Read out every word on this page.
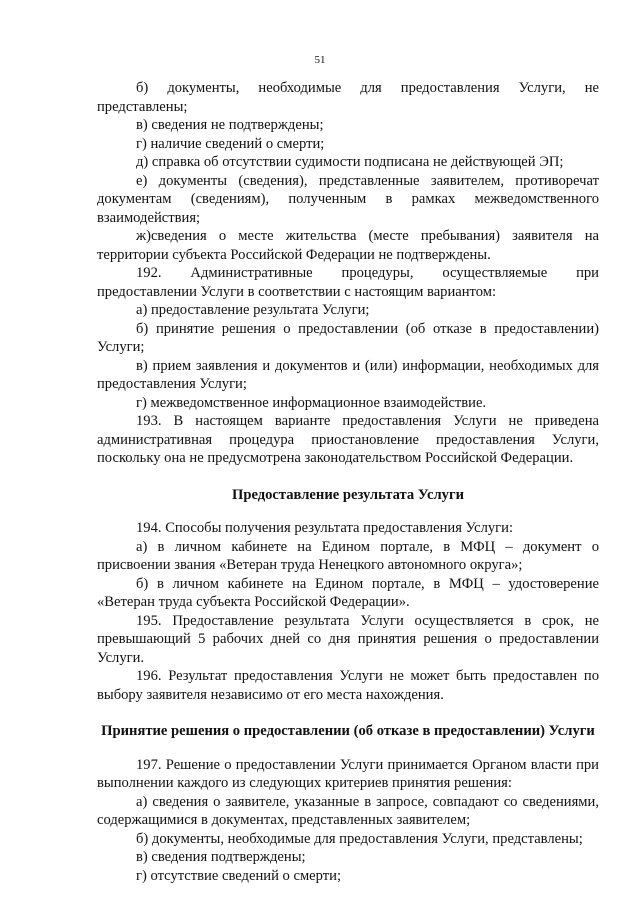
51

б) документы, необходимые для предоставления Услуги, не представлены;

в) сведения не подтверждены;

г) наличие сведений о смерти;

д) справка об отсутствии судимости подписана не действующей ЭП;

е) документы (сведения), представленные заявителем, противоречат документам (сведениям), полученным в рамках межведомственного взаимодействия;

ж)сведения о месте жительства (месте пребывания) заявителя на территории субъекта Российской Федерации не подтверждены.

192. Административные процедуры, осуществляемые при предоставлении Услуги в соответствии с настоящим вариантом:

а) предоставление результата Услуги;

б) принятие решения о предоставлении (об отказе в предоставлении) Услуги;

в) прием заявления и документов и (или) информации, необходимых для предоставления Услуги;

г) межведомственное информационное взаимодействие.

193. В настоящем варианте предоставления Услуги не приведена административная процедура приостановление предоставления Услуги, поскольку она не предусмотрена законодательством Российской Федерации.

Предоставление результата Услуги

194. Способы получения результата предоставления Услуги:

а) в личном кабинете на Едином портале, в МФЦ – документ о присвоении звания «Ветеран труда Ненецкого автономного округа»;

б) в личном кабинете на Едином портале, в МФЦ – удостоверение «Ветеран труда субъекта Российской Федерации».

195. Предоставление результата Услуги осуществляется в срок, не превышающий 5 рабочих дней со дня принятия решения о предоставлении Услуги.

196. Результат предоставления Услуги не может быть предоставлен по выбору заявителя независимо от его места нахождения.

Принятие решения о предоставлении (об отказе в предоставлении) Услуги

197. Решение о предоставлении Услуги принимается Органом власти при выполнении каждого из следующих критериев принятия решения:

а) сведения о заявителе, указанные в запросе, совпадают со сведениями, содержащимися в документах, представленных заявителем;

б) документы, необходимые для предоставления Услуги, представлены;

в) сведения подтверждены;

г) отсутствие сведений о смерти;
